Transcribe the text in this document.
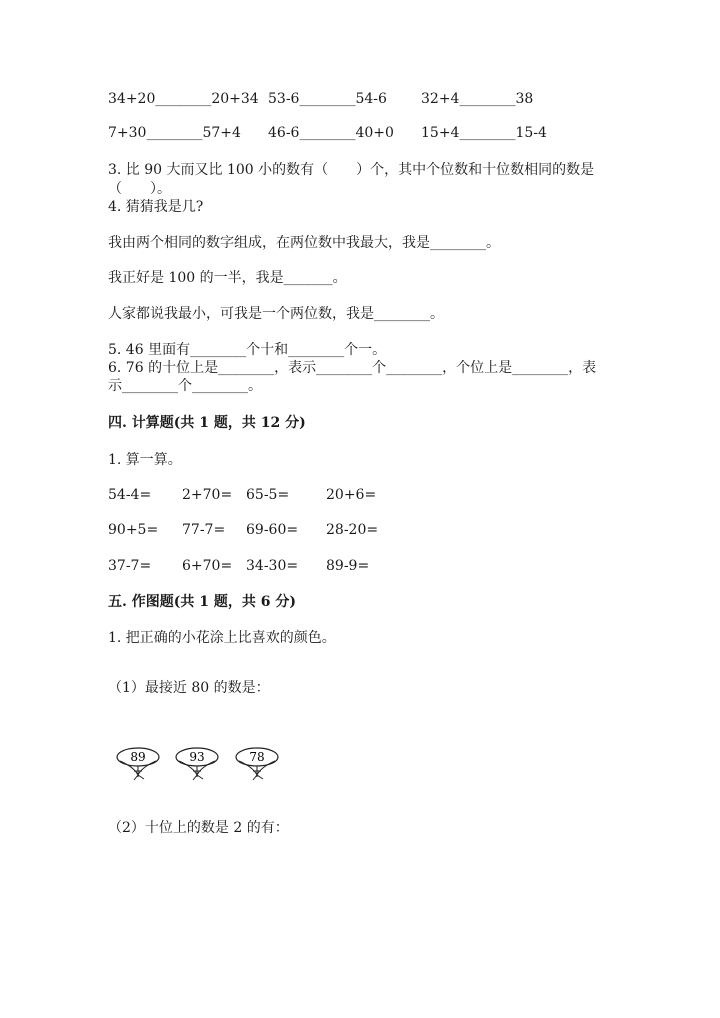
34+20________20+34 53-6________54-6 32+4________38
7+30________57+4 46-6________40+0 15+4________15-4
3. 比 90 大而又比 100 小的数有（　　）个，其中个位数和十位数相同的数是
（　　）。
4. 猜猜我是几?
我由两个相同的数字组成，在两位数中我最大，我是________。
我正好是 100 的一半，我是_______。
人家都说我最小，可我是一个两位数，我是________。
5. 46 里面有________个十和________个一。
6. 76 的十位上是________，表示________个________，个位上是________，表
示________个________。
四. 计算题(共 1 题，共 12 分)
1. 算一算。
54-4= 2+70= 65-5=	20+6=
90+5= 77-7= 69-60= 28-20=
37-7= 6+70= 34-30= 89-9=
五. 作图题(共 1 题，共 6 分)
1. 把正确的小花涂上比喜欢的颜色。
（1）最接近 80 的数是：
89	93	78
（2）十位上的数是 2 的有：
